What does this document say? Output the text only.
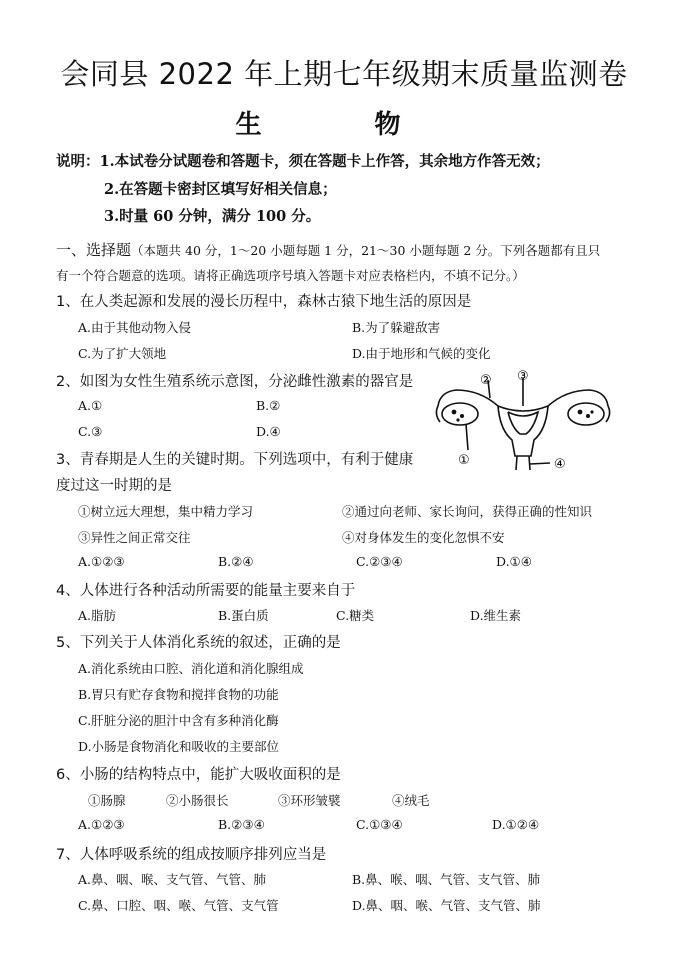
会同县 2022 年上期七年级期末质量监测卷
生 物
说明：1.本试卷分试题卷和答题卡，须在答题卡上作答，其余地方作答无效；
2.在答题卡密封区填写好相关信息；
3.时量 60 分钟，满分 100 分。
一、选择题（本题共 40 分，1～20 小题每题 1 分，21～30 小题每题 2 分。下列各题都有且只
有一个符合题意的选项。请将正确选项序号填入答题卡对应表格栏内，不填不记分。）
1、在人类起源和发展的漫长历程中，森林古猿下地生活的原因是
A.由于其他动物入侵	B.为了躲避敌害
C.为了扩大领地	D.由于地形和气候的变化
2、如图为女性生殖系统示意图，分泌雌性激素的器官是
A.①	B.②
C.③	D.④
② ③
①	④
3、青春期是人生的关键时期。下列选项中，有利于健康
度过这一时期的是
①树立远大理想，集中精力学习	②通过向老师、家长询问，获得正确的性知识
③异性之间正常交往	④对身体发生的变化忽惧不安
A.①②③	B.②④	C.②③④	D.①④
4、人体进行各种活动所需要的能量主要来自于
A.脂肪	B.蛋白质	C.糖类	D.维生素
5、下列关于人体消化系统的叙述，正确的是
A.消化系统由口腔、消化道和消化腺组成
B.胃只有贮存食物和搅拌食物的功能
C.肝脏分泌的胆汁中含有多种消化酶
D.小肠是食物消化和吸收的主要部位
6、小肠的结构特点中，能扩大吸收面积的是
①肠腺	②小肠很长	③环形皱襞	④绒毛
A.①②③	B.②③④	C.①③④	D.①②④
7、人体呼吸系统的组成按顺序排列应当是
A.鼻、咽、喉、支气管、气管、肺	B.鼻、喉、咽、气管、支气管、肺
C.鼻、口腔、咽、喉、气管、支气管	D.鼻、咽、喉、气管、支气管、肺
